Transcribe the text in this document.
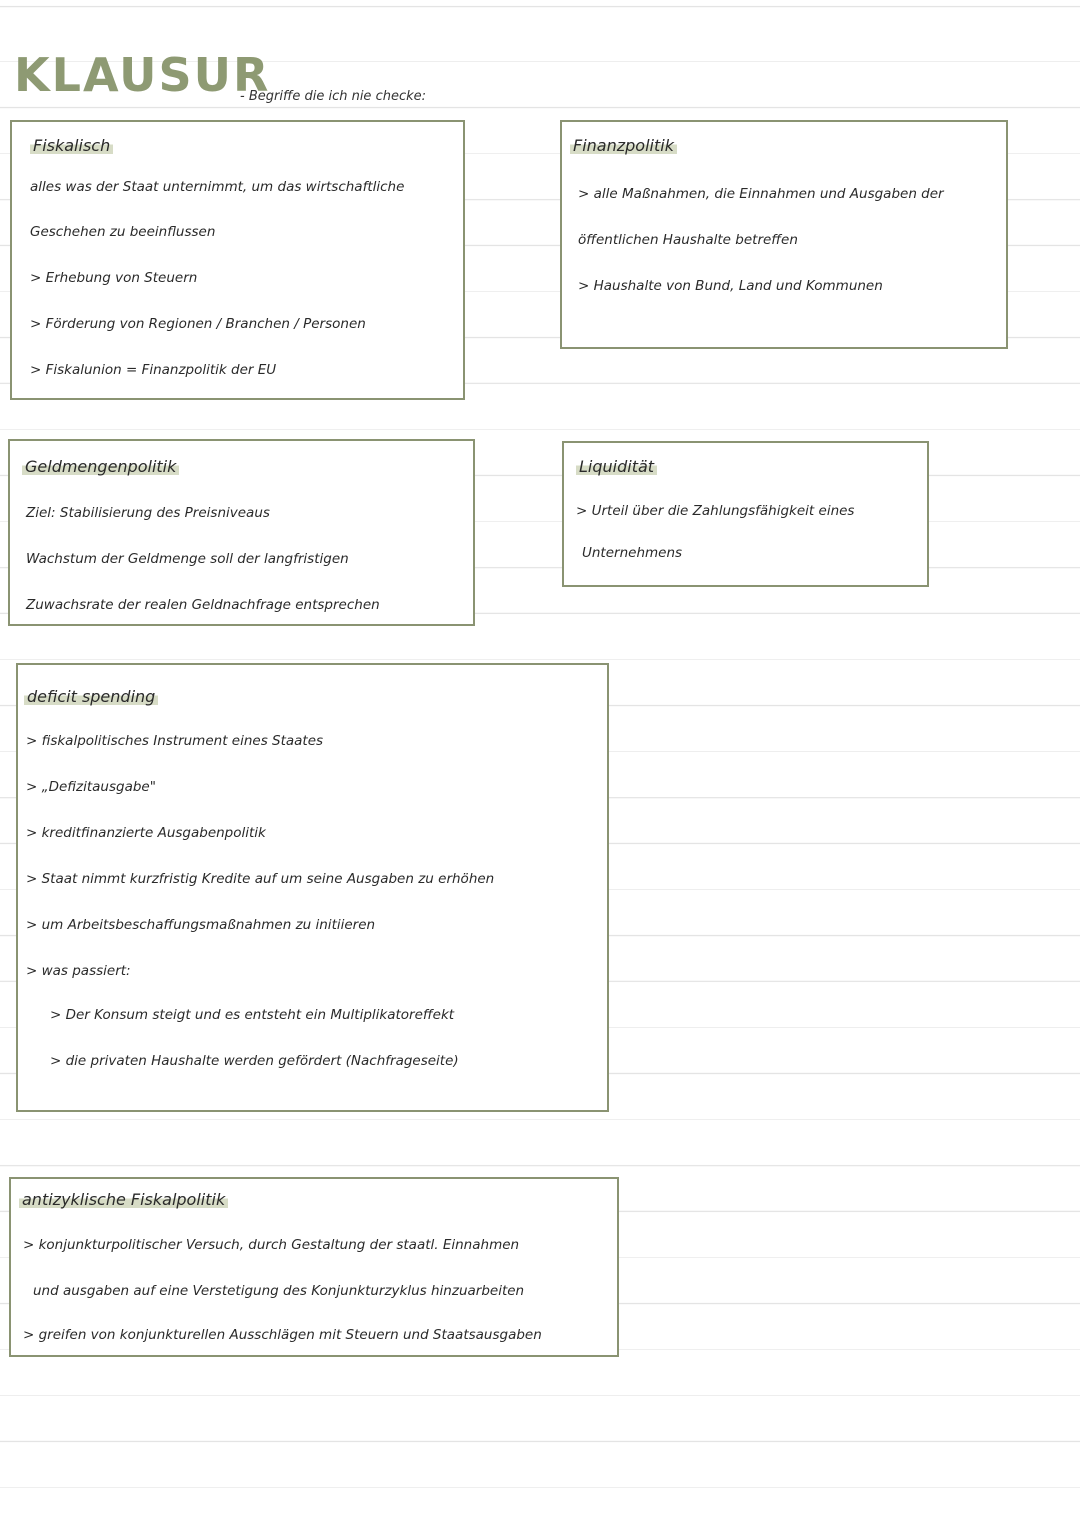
KLAUSUR
- Begriffe die ich nie checke:
Fiskalisch
alles was der Staat unternimmt, um das wirtschaftliche
Geschehen zu beeinflussen
> Erhebung von Steuern
> Förderung von Regionen / Branchen / Personen
> Fiskalunion = Finanzpolitik der EU
Finanzpolitik
> alle Maßnahmen, die Einnahmen und Ausgaben der
öffentlichen Haushalte betreffen
> Haushalte von Bund, Land und Kommunen
Geldmengenpolitik
Ziel: Stabilisierung des Preisniveaus
Wachstum der Geldmenge soll der langfristigen
Zuwachsrate der realen Geldnachfrage entsprechen
Liquidität
> Urteil über die Zahlungsfähigkeit eines
Unternehmens
deficit spending
> fiskalpolitisches Instrument eines Staates
> „Defizitausgabe"
> kreditfinanzierte Ausgabenpolitik
> Staat nimmt kurzfristig Kredite auf um seine Ausgaben zu erhöhen
> um Arbeitsbeschaffungsmaßnahmen zu initiieren
> was passiert:
> Der Konsum steigt und es entsteht ein Multiplikatoreffekt
> die privaten Haushalte werden gefördert (Nachfrageseite)
antizyklische Fiskalpolitik
> konjunkturpolitischer Versuch, durch Gestaltung der staatl. Einnahmen
und ausgaben auf eine Verstetigung des Konjunkturzyklus hinzuarbeiten
> greifen von konjunkturellen Ausschlägen mit Steuern und Staatsausgaben
